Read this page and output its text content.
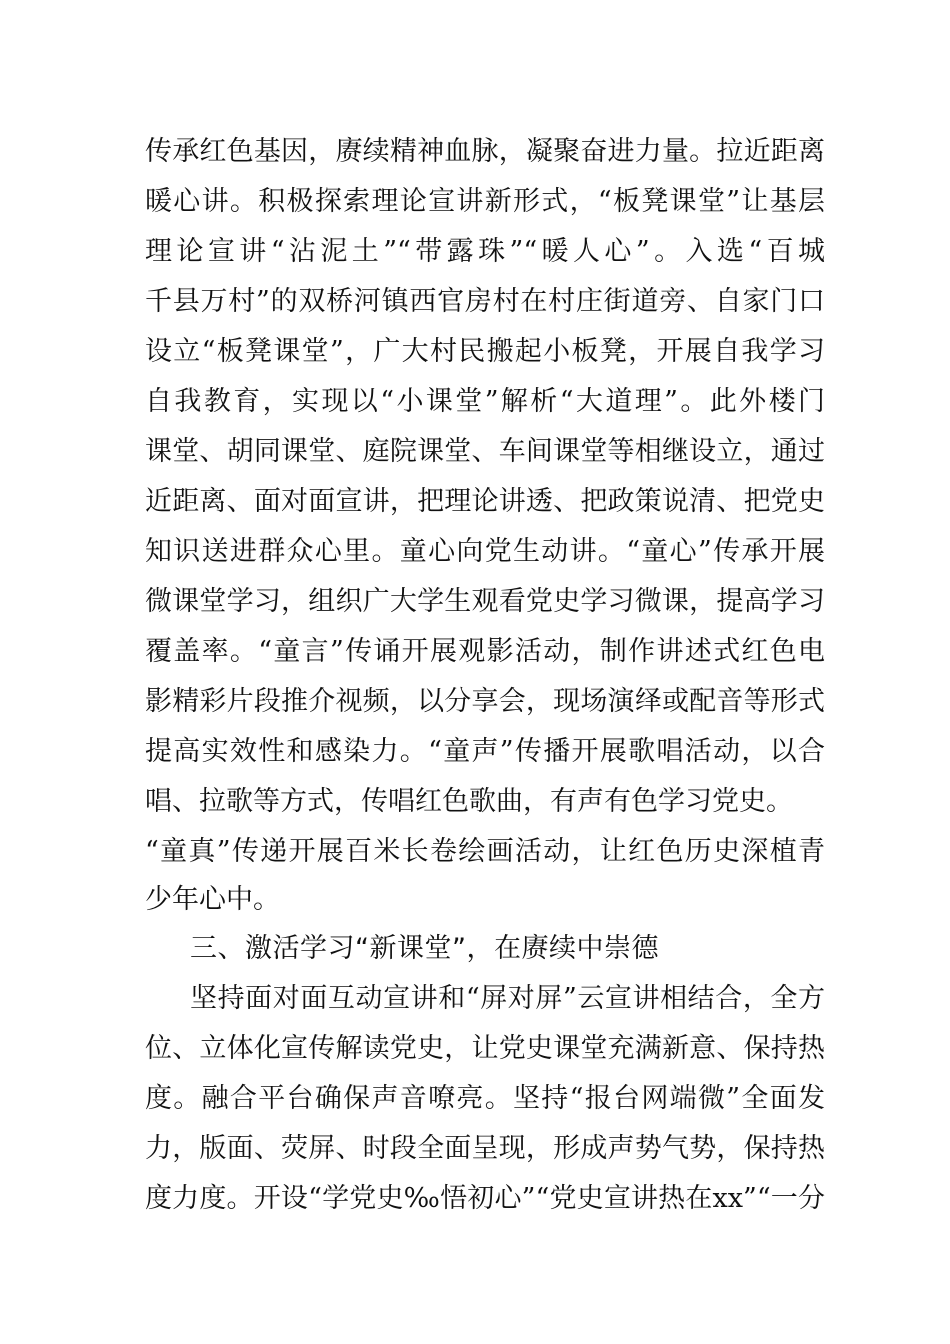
传承红色基因，赓续精神血脉，凝聚奋进力量。拉近距离

暖心讲。积极探索理论宣讲新形式，“板凳课堂”让基层

理论宣讲“沾泥土”“带露珠”“暖人心”。入选“百城

千县万村”的双桥河镇西官房村在村庄街道旁、自家门口

设立“板凳课堂”，广大村民搬起小板凳，开展自我学习

自我教育，实现以“小课堂”解析“大道理”。此外楼门

课堂、胡同课堂、庭院课堂、车间课堂等相继设立，通过

近距离、面对面宣讲，把理论讲透、把政策说清、把党史

知识送进群众心里。童心向党生动讲。“童心”传承开展

微课堂学习，组织广大学生观看党史学习微课，提高学习

覆盖率。“童言”传诵开展观影活动，制作讲述式红色电

影精彩片段推介视频，以分享会，现场演绎或配音等形式

提高实效性和感染力。“童声”传播开展歌唱活动，以合

唱、拉歌等方式，传唱红色歌曲，有声有色学习党史。

“童真”传递开展百米长卷绘画活动，让红色历史深植青

少年心中。

三、激活学习“新课堂”，在赓续中崇德

坚持面对面互动宣讲和“屏对屏”云宣讲相结合，全方

位、立体化宣传解读党史，让党史课堂充满新意、保持热

度。融合平台确保声音嘹亮。坚持“报台网端微”全面发

力，版面、荧屏、时段全面呈现，形成声势气势，保持热

度力度。开设“学党史‰悟初心”“党史宣讲热在xx”“一分
